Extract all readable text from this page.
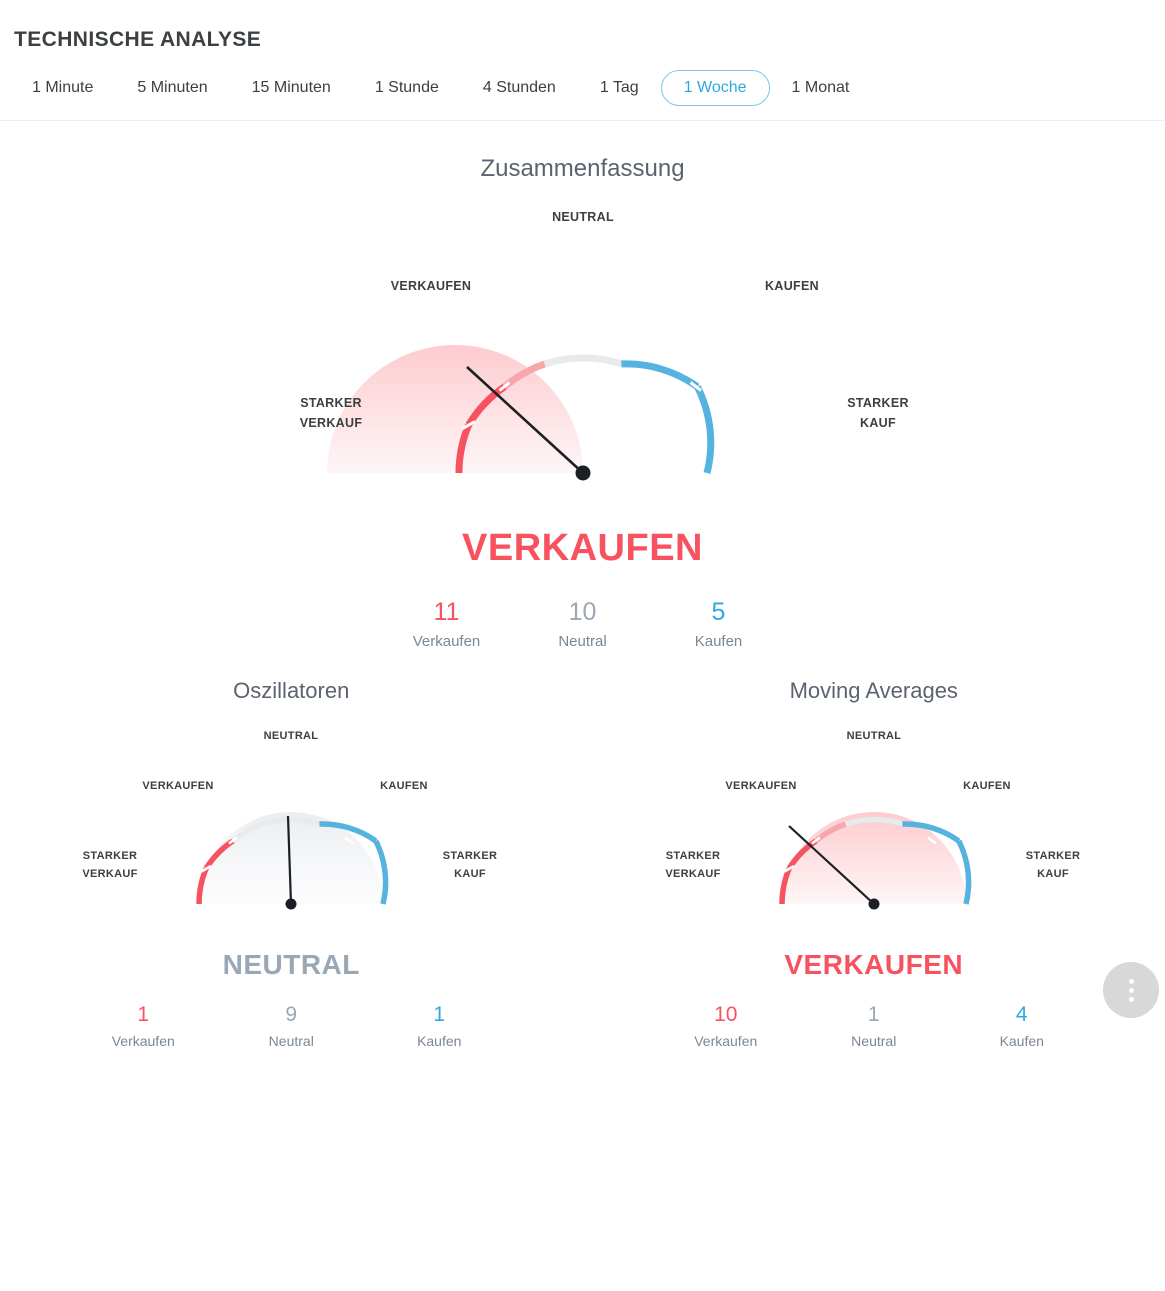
TECHNISCHE ANALYSE
1 Minute	5 Minuten	15 Minuten	1 Stunde	4 Stunden	1 Tag	1 Woche	1 Monat
Zusammenfassung
NEUTRAL
VERKAUFEN	KAUFEN
STARKER
VERKAUF
STARKER
KAUF
VERKAUFEN
11
Verkaufen
10
Neutral
5
Kaufen
Oszillatoren
NEUTRAL
VERKAUFEN	KAUFEN
STARKER
VERKAUF
STARKER
KAUF
NEUTRAL
1
Verkaufen
9
Neutral
1
Kaufen
Moving Averages
NEUTRAL
VERKAUFEN	KAUFEN
STARKER
VERKAUF
STARKER
KAUF
VERKAUFEN
10
Verkaufen
1
Neutral
4
Kaufen
